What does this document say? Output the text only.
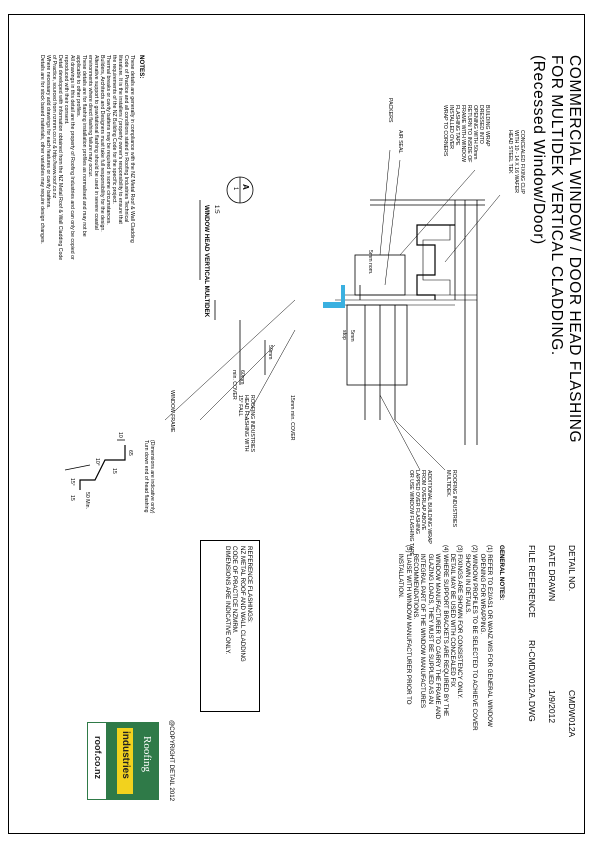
COMMERCIAL WINDOW / DOOR HEAD FLASHING
FOR MULTIDEK VERTICAL CLADDING.
(Recessed Window/Door)
DETAIL NO.
CMDW012A
DATE DRAWN
1/9/2012
FILE REFERENCE
RI-CMDW012A.DWG
GENERAL NOTES:
(1) REFER TO E2/AS1 OR WANZ WIS FOR GENERAL WINDOW
OPENING FOR WRAPPING.
(2) WINDOW PROFILES TO BE SELECTED TO ACHIEVE COVER
SHOWN IN DETAILS.
(3) FIXINGS ARE SHOWN FOR CONSISTENCY ONLY.
DETAIL MAY BE USED WITH CONCEALED FIX
(4) WHERE SUPPORT BRACKETS ARE REQUIRED BY THE
WINDOW MANUFACTURER TO CARRY THE FRAME AND
GLAZING LOADS, THEY MUST BE SUPPLIED AS AN
INTEGRAL PART OF THE WINDOW MANUFACTURES
RECOMMENDATIONS.
(5) LIAISE WITH WINDOW MANUFACTURER PRIOR TO
INSTALLATION.
REFERENCE FLASHINGS:
NZ METAL ROOF AND WALL CLADDING
CODE OF PRACTICE NZMRM.
DIMENSIONS ARE INDICATIVE ONLY.
@COPYRIGHT DETAIL 2012
Roofing
industries
roof.co.nz
NOTES:
These details are generally in compliance with the NZ Metal Roof & Wall Cladding
Code of Practice and all conditions stated in Roofing Industries Technical
literature. It is the installers / property owner's responsibility to ensure that
the requirements of the NZ Building Code for the specific project.
Thermal breaks or cavity battens may be required in some circumstances.
Builders, Architects and Designers must take full responsibility for the design.
Alternative support to gravitational flashing should be used in severe coastal
environments where direct flashing failure may occur.
These details are for flashing installation profiles as normalised and may not be
applicable to other profiles.
All drawings in this detail are the property of Roofing Industries and can only be copied or
reproduced with their consent.
Detail developed with information obtained from the NZ Metal Roof & Wall Cladding Code
of Practice, sourced from nzmrm.co.nz & http://www.roof.co.nz
Where necessary add drawings for each features or cavity battens.
Details are for stock based materials, other variables may require design changes.	CONCEALED FIXING CLIP
WITH 10 - 14 X 16 WAFER
HEAD STEEL TEK
BUILDING WRAP
DRESSED INTO
OPENING WITH 50mm
RETURN TO INSIDE OF
FRAME WITH WINDOW
FLASHING TAPE
INSTALLED OVER
WRAP TO CORNERS
AIR SEAL
PACKERS
5mm nom.
5mm
stop
50mm
60mm
min. COVER
15mm min. COVER
ROOFING INDUSTRIES
MULTIDEK.
ADDITIONAL BUILDING WRAP
FROM OVERLAP ABOVE
LAPPED OVER FLASHING
OR USE WINDOW FLASHING TAPE
ROOFING INDUSTRIES
HEAD FLASHING WITH
15° FALL
WINDOW FRAME
A
1
1:5
WINDOW HEAD VERTICAL MULTIDEK
(Dimensions are indicative only)
Turn down end of head flashing
65
10
15
10°
15°
50 Min.
15
